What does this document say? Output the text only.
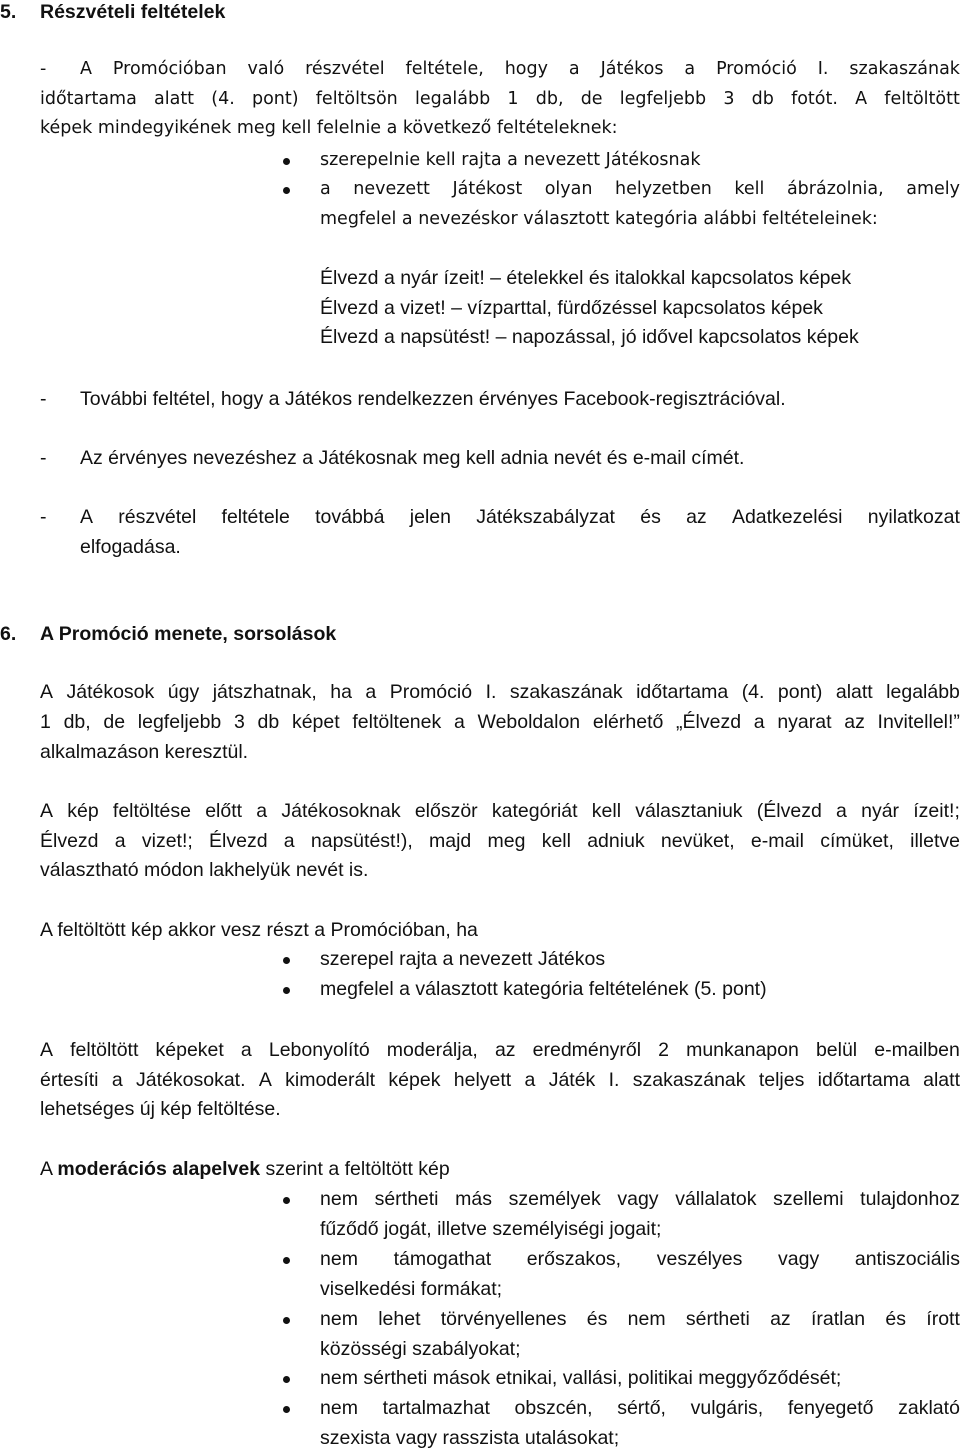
5. Részvételi feltételek
- A Promócióban való részvétel feltétele, hogy a Játékos a Promóció I. szakaszának
időtartama alatt (4. pont) feltöltsön legalább 1 db, de legfeljebb 3 db fotót. A feltöltött
képek mindegyikének meg kell felelnie a következő feltételeknek:
szerepelnie kell rajta a nevezett Játékosnak
a nevezett Játékost olyan helyzetben kell ábrázolnia, amely
megfelel a nevezéskor választott kategória alábbi feltételeinek:
Élvezd a nyár ízeit! – ételekkel és italokkal kapcsolatos képek
Élvezd a vizet! – vízparttal, fürdőzéssel kapcsolatos képek
Élvezd a napsütést! – napozással, jó idővel kapcsolatos képek
- További feltétel, hogy a Játékos rendelkezzen érvényes Facebook-regisztrációval.
- Az érvényes nevezéshez a Játékosnak meg kell adnia nevét és e-mail címét.
- A részvétel feltétele továbbá jelen Játékszabályzat és az Adatkezelési nyilatkozat
elfogadása.
6. A Promóció menete, sorsolások
A Játékosok úgy játszhatnak, ha a Promóció I. szakaszának időtartama (4. pont) alatt legalább
1 db, de legfeljebb 3 db képet feltöltenek a Weboldalon elérhető „Élvezd a nyarat az Invitellel!”
alkalmazáson keresztül.
A kép feltöltése előtt a Játékosoknak először kategóriát kell választaniuk (Élvezd a nyár ízeit!;
Élvezd a vizet!; Élvezd a napsütést!), majd meg kell adniuk nevüket, e-mail címüket, illetve
választható módon lakhelyük nevét is.
A feltöltött kép akkor vesz részt a Promócióban, ha
szerepel rajta a nevezett Játékos
megfelel a választott kategória feltételének (5. pont)
A feltöltött képeket a Lebonyolító moderálja, az eredményről 2 munkanapon belül e-mailben
értesíti a Játékosokat. A kimoderált képek helyett a Játék I. szakaszának teljes időtartama alatt
lehetséges új kép feltöltése.
A moderációs alapelvek szerint a feltöltött kép
nem sértheti más személyek vagy vállalatok szellemi tulajdonhoz
fűződő jogát, illetve személyiségi jogait;
nem támogathat erőszakos, veszélyes vagy antiszociális
viselkedési formákat;
nem lehet törvényellenes és nem sértheti az íratlan és írott
közösségi szabályokat;
nem sértheti mások etnikai, vallási, politikai meggyőződését;
nem tartalmazhat obszcén, sértő, vulgáris, fenyegető zaklató
szexista vagy rasszista utalásokat;
